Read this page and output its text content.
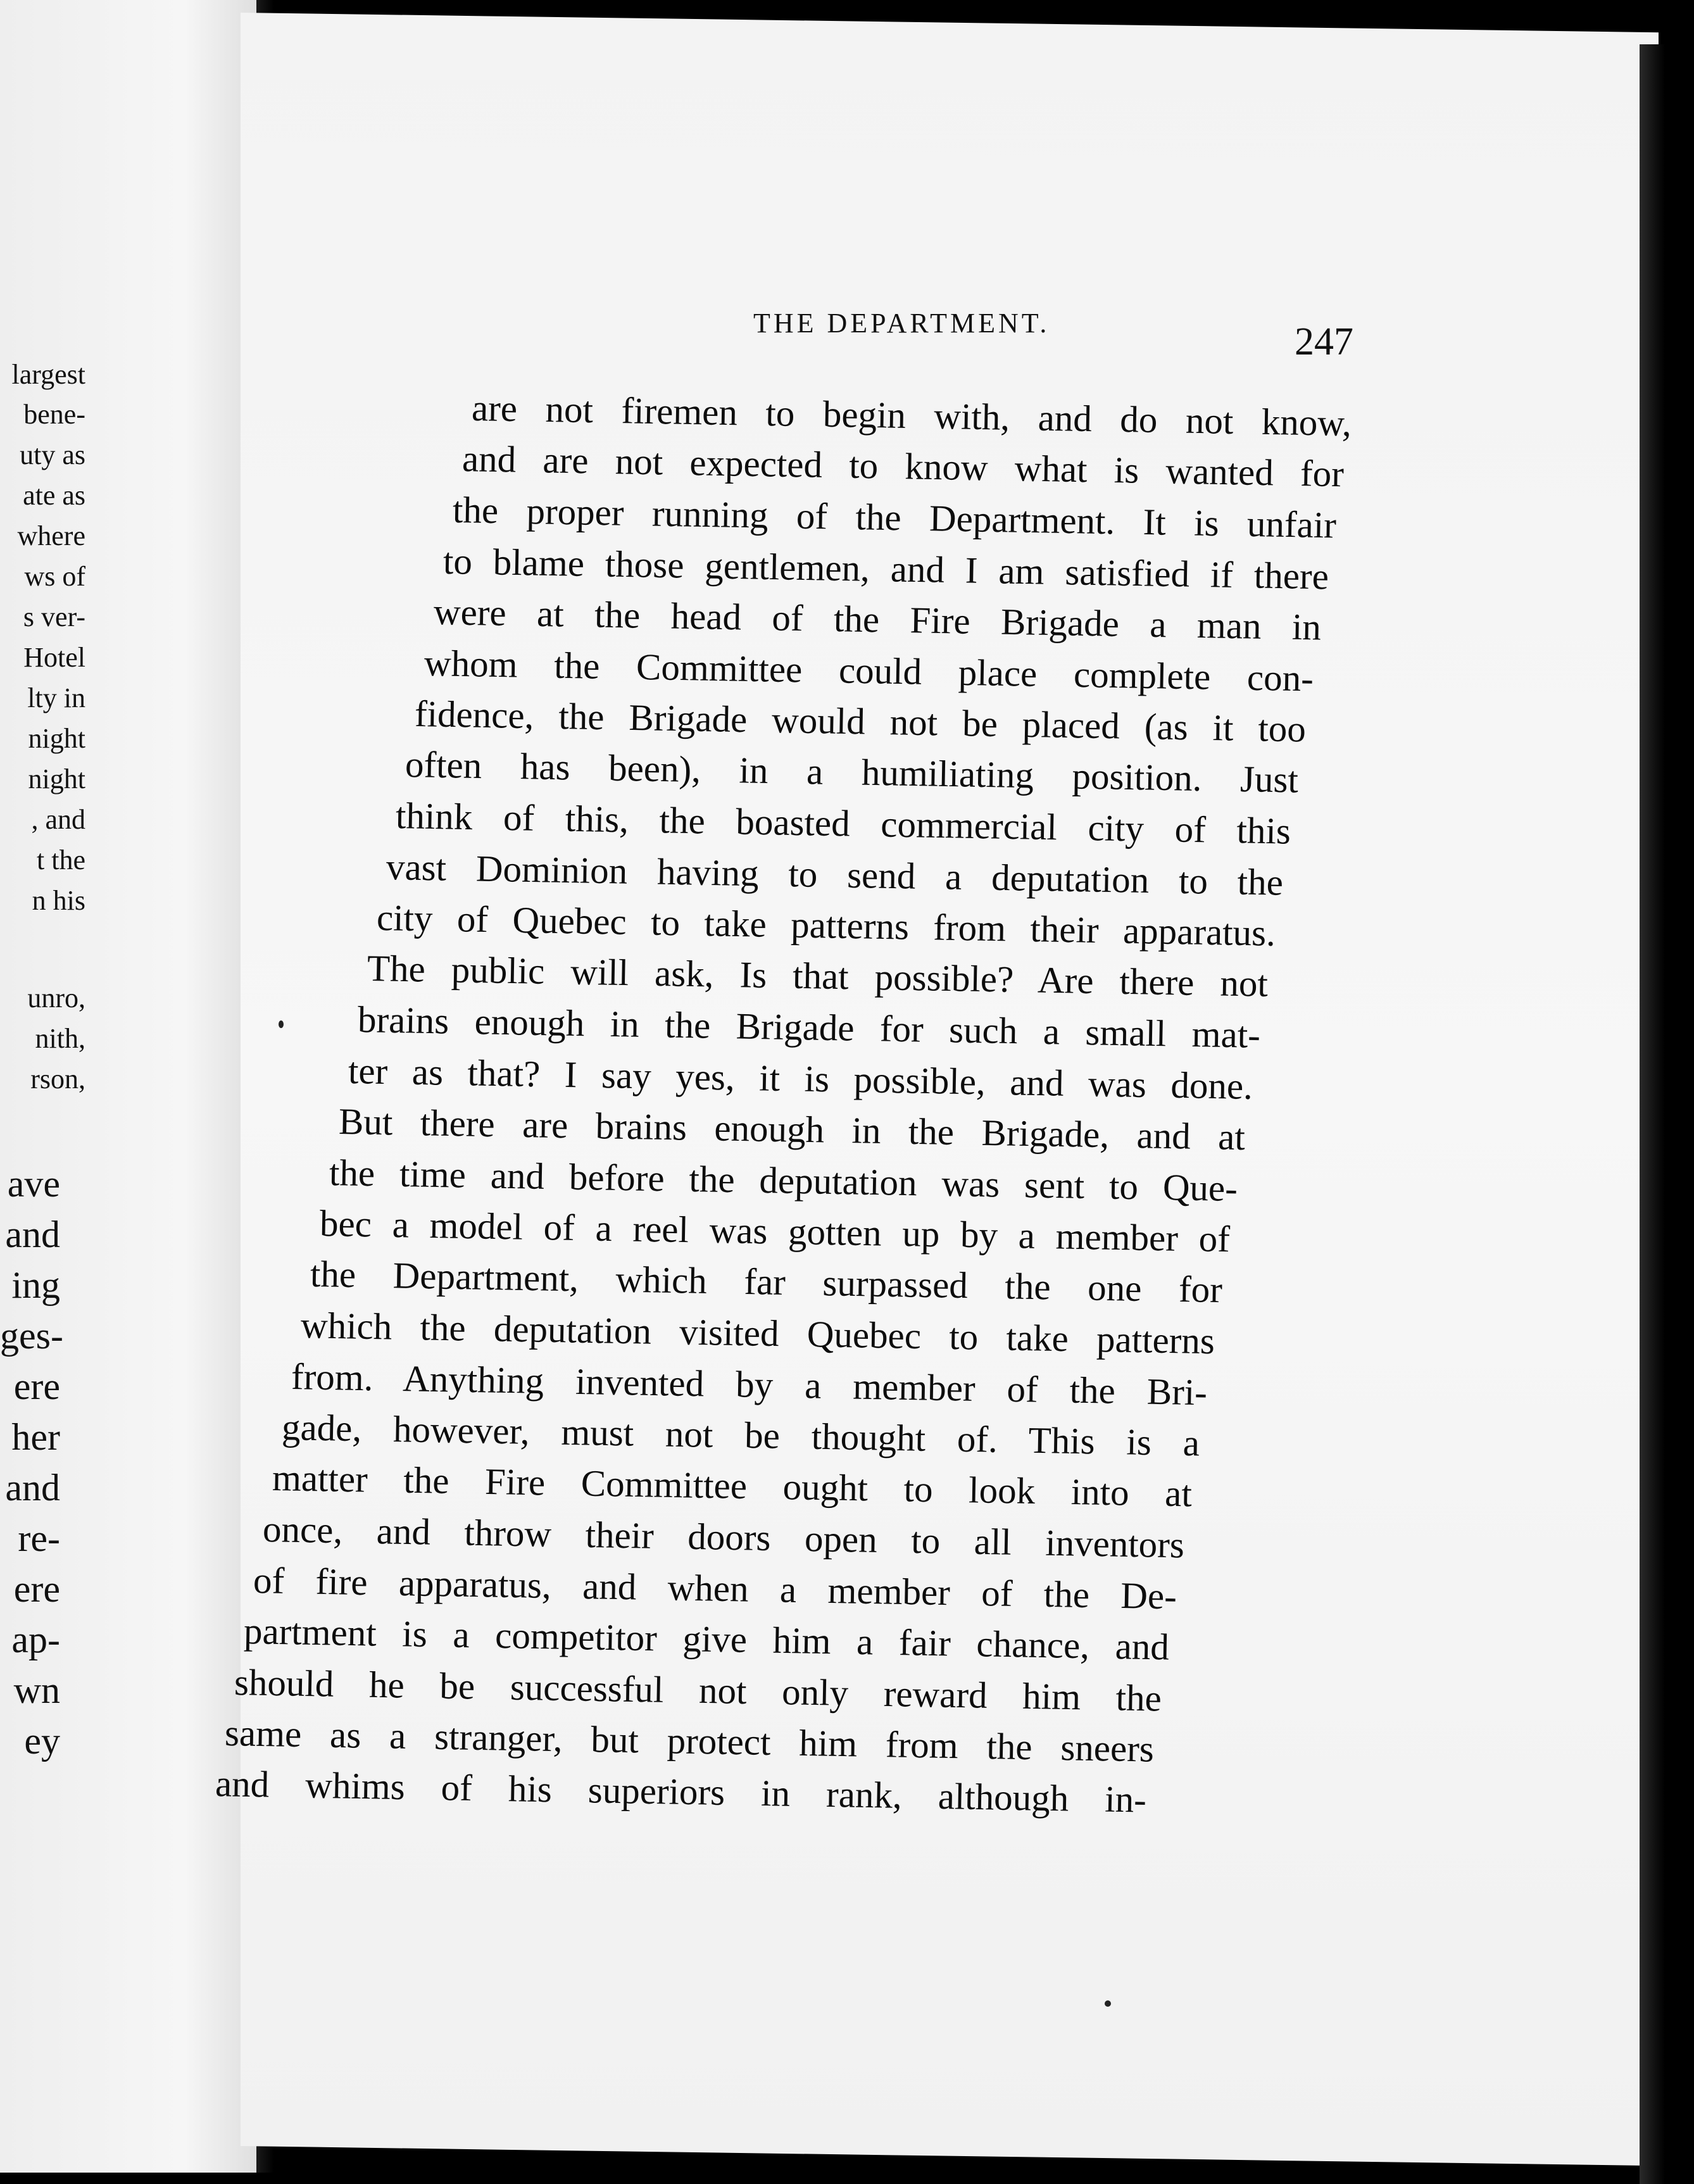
largest
bene-
uty as
ate as
where
ws of
s ver-
Hotel
lty in
night
night
, and
t the
n his
unro,
nith,
rson,
ave
and
ing
ges-
ere
her
and
re-
ere
ap-
wn
ey
THE DEPARTMENT.	247
are not firemen to begin with, and do not know,
and are not expected to know what is wanted for
the proper running of the Department. It is unfair
to blame those gentlemen, and I am satisfied if there
were at the head of the Fire Brigade a man in
whom the Committee could place complete con-
fidence, the Brigade would not be placed (as it too
often has been), in a humiliating position. Just
think of this, the boasted commercial city of this
vast Dominion having to send a deputation to the
city of Quebec to take patterns from their apparatus.
The public will ask, Is that possible? Are there not
brains enough in the Brigade for such a small mat-
ter as that? I say yes, it is possible, and was done.
But there are brains enough in the Brigade, and at
the time and before the deputation was sent to Que-
bec a model of a reel was gotten up by a member of
the Department, which far surpassed the one for
which the deputation visited Quebec to take patterns
from. Anything invented by a member of the Bri-
gade, however, must not be thought of. This is a
matter the Fire Committee ought to look into at
once, and throw their doors open to all inventors
of fire apparatus, and when a member of the De-
partment is a competitor give him a fair chance, and
should he be successful not only reward him the
same as a stranger, but protect him from the sneers
and whims of his superiors in rank, although in-
